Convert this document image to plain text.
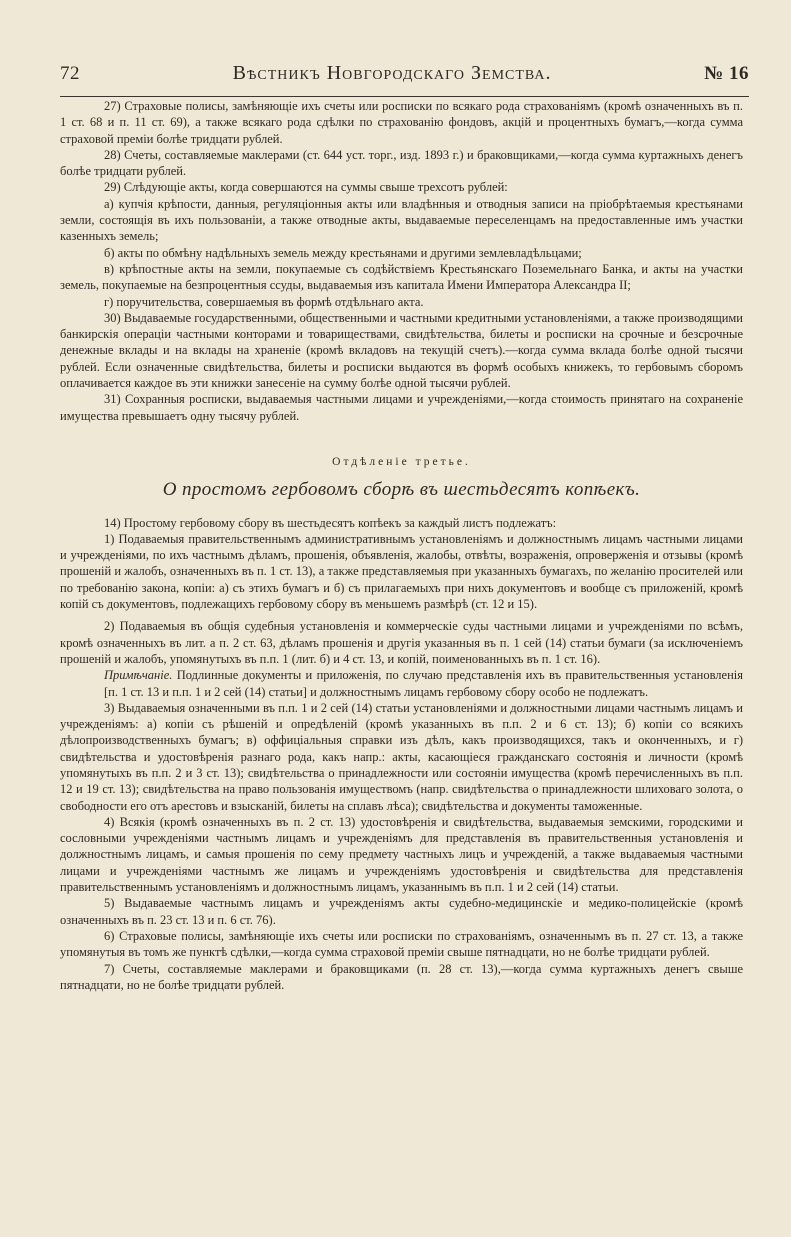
72	Вѣстникъ Новгородскаго Земства.	№ 16

27) Страховые полисы, замѣняющіе ихъ счеты или росписки по всякаго рода страхованіямъ (кромѣ означенныхъ въ п. 1 ст. 68 и п. 11 ст. 69), а также всякаго рода сдѣлки по страхованію фондовъ, акцій и процентныхъ бумагъ,—когда сумма страховой преміи болѣе тридцати рублей.

28) Счеты, составляемые маклерами (ст. 644 уст. торг., изд. 1893 г.) и браковщиками,—когда сумма куртажныхъ денегъ болѣе тридцати рублей.

29) Слѣдующіе акты, когда совершаются на суммы свыше трехсотъ рублей:

а) купчія крѣпости, данныя, регуляціонныя акты или владѣнныя и отводныя записи на пріобрѣтаемыя крестьянами земли, состоящія въ ихъ пользованіи, а также отводные акты, выдаваемые переселенцамъ на предоставленные имъ участки казенныхъ земель;

б) акты по обмѣну надѣльныхъ земель между крестьянами и другими землевладѣльцами;

в) крѣпостные акты на земли, покупаемые съ содѣйствіемъ Крестьянскаго Поземельнаго Банка, и акты на участки земель, покупаемые на безпроцентныя ссуды, выдаваемыя изъ капитала Имени Императора Александра II;

г) поручительства, совершаемыя въ формѣ отдѣльнаго акта.

30) Выдаваемые государственными, общественными и частными кредитными установленіями, а также производящими банкирскія операціи частными конторами и товариществами, свидѣтельства, билеты и росписки на срочные и безсрочные денежные вклады и на вклады на храненіе (кромѣ вкладовъ на текущій счетъ).—когда сумма вклада болѣе одной тысячи рублей. Если означенные свидѣтельства, билеты и росписки выдаются въ формѣ особыхъ книжекъ, то гербовымъ сборомъ оплачивается каждое въ эти книжки занесеніе на сумму болѣе одной тысячи рублей.

31) Сохранныя росписки, выдаваемыя частными лицами и учрежденіями,—когда стоимость принятаго на сохраненіе имущества превышаетъ одну тысячу рублей.

Отдѣленіе третье.
О простомъ гербовомъ сборѣ въ шестьдесятъ копѣекъ.

14) Простому гербовому сбору въ шестьдесятъ копѣекъ за каждый листъ подлежатъ:

1) Подаваемыя правительственнымъ административнымъ установленіямъ и должностнымъ лицамъ частными лицами и учрежденіями, по ихъ частнымъ дѣламъ, прошенія, объявленія, жалобы, отвѣты, возраженія, опроверженія и отзывы (кромѣ прошеній и жалобъ, означенныхъ въ п. 1 ст. 13), а также представляемыя при указанныхъ бумагахъ, по желанію просителей или по требованію закона, копіи: а) съ этихъ бумагъ и б) съ прилагаемыхъ при нихъ документовъ и вообще съ приложеній, кромѣ копій съ документовъ, подлежащихъ гербовому сбору въ меньшемъ размѣрѣ (ст. 12 и 15).

2) Подаваемыя въ общія судебныя установленія и коммерческіе суды частными лицами и учрежденіями по всѣмъ, кромѣ означенныхъ въ лит. а п. 2 ст. 63, дѣламъ прошенія и другія указанныя въ п. 1 сей (14) статьи бумаги (за исключеніемъ прошеній и жалобъ, упомянутыхъ въ п.п. 1 (лит. б) и 4 ст. 13, и копій, поименованныхъ въ п. 1 ст. 16).

Примѣчаніе. Подлинные документы и приложенія, по случаю представленія ихъ въ правительственныя установленія [п. 1 ст. 13 и п.п. 1 и 2 сей (14) статьи] и должностнымъ лицамъ гербовому сбору особо не подлежатъ.

3) Выдаваемыя означенными въ п.п. 1 и 2 сей (14) статьи установленіями и должностными лицами частнымъ лицамъ и учрежденіямъ: а) копіи съ рѣшеній и опредѣленій (кромѣ указанныхъ въ п.п. 2 и 6 ст. 13); б) копіи со всякихъ дѣлопроизводственныхъ бумагъ; в) оффиціальныя справки изъ дѣлъ, какъ производящихся, такъ и оконченныхъ, и г) свидѣтельства и удостовѣренія разнаго рода, какъ напр.: акты, касающіеся гражданскаго состоянія и личности (кромѣ упомянутыхъ въ п.п. 2 и 3 ст. 13); свидѣтельства о принадлежности или состояніи имущества (кромѣ перечисленныхъ въ п.п. 12 и 19 ст. 13); свидѣтельства на право пользованія имуществомъ (напр. свидѣтельства о принадлежности шлиховаго золота, о свободности его отъ арестовъ и взысканій, билеты на сплавъ лѣса); свидѣтельства и документы таможенные.

4) Всякія (кромѣ означенныхъ въ п. 2 ст. 13) удостовѣренія и свидѣтельства, выдаваемыя земскими, городскими и сословными учрежденіями частнымъ лицамъ и учрежденіямъ для представленія въ правительственныя установленія и должностнымъ лицамъ, и самыя прошенія по сему предмету частныхъ лицъ и учрежденій, а также выдаваемыя частными лицами и учрежденіями частнымъ же лицамъ и учрежденіямъ удостовѣренія и свидѣтельства для представленія правительственнымъ установленіямъ и должностнымъ лицамъ, указаннымъ въ п.п. 1 и 2 сей (14) статьи.

5) Выдаваемые частнымъ лицамъ и учрежденіямъ акты судебно-медицинскіе и медико-полицейскіе (кромѣ означенныхъ въ п. 23 ст. 13 и п. 6 ст. 76).

6) Страховые полисы, замѣняющіе ихъ счеты или росписки по страхованіямъ, означеннымъ въ п. 27 ст. 13, а также упомянутыя въ томъ же пунктѣ сдѣлки,—когда сумма страховой преміи свыше пятнадцати, но не болѣе тридцати рублей.

7) Счеты, составляемые маклерами и браковщиками (п. 28 ст. 13),—когда сумма куртажныхъ денегъ свыше пятнадцати, но не болѣе тридцати рублей.
